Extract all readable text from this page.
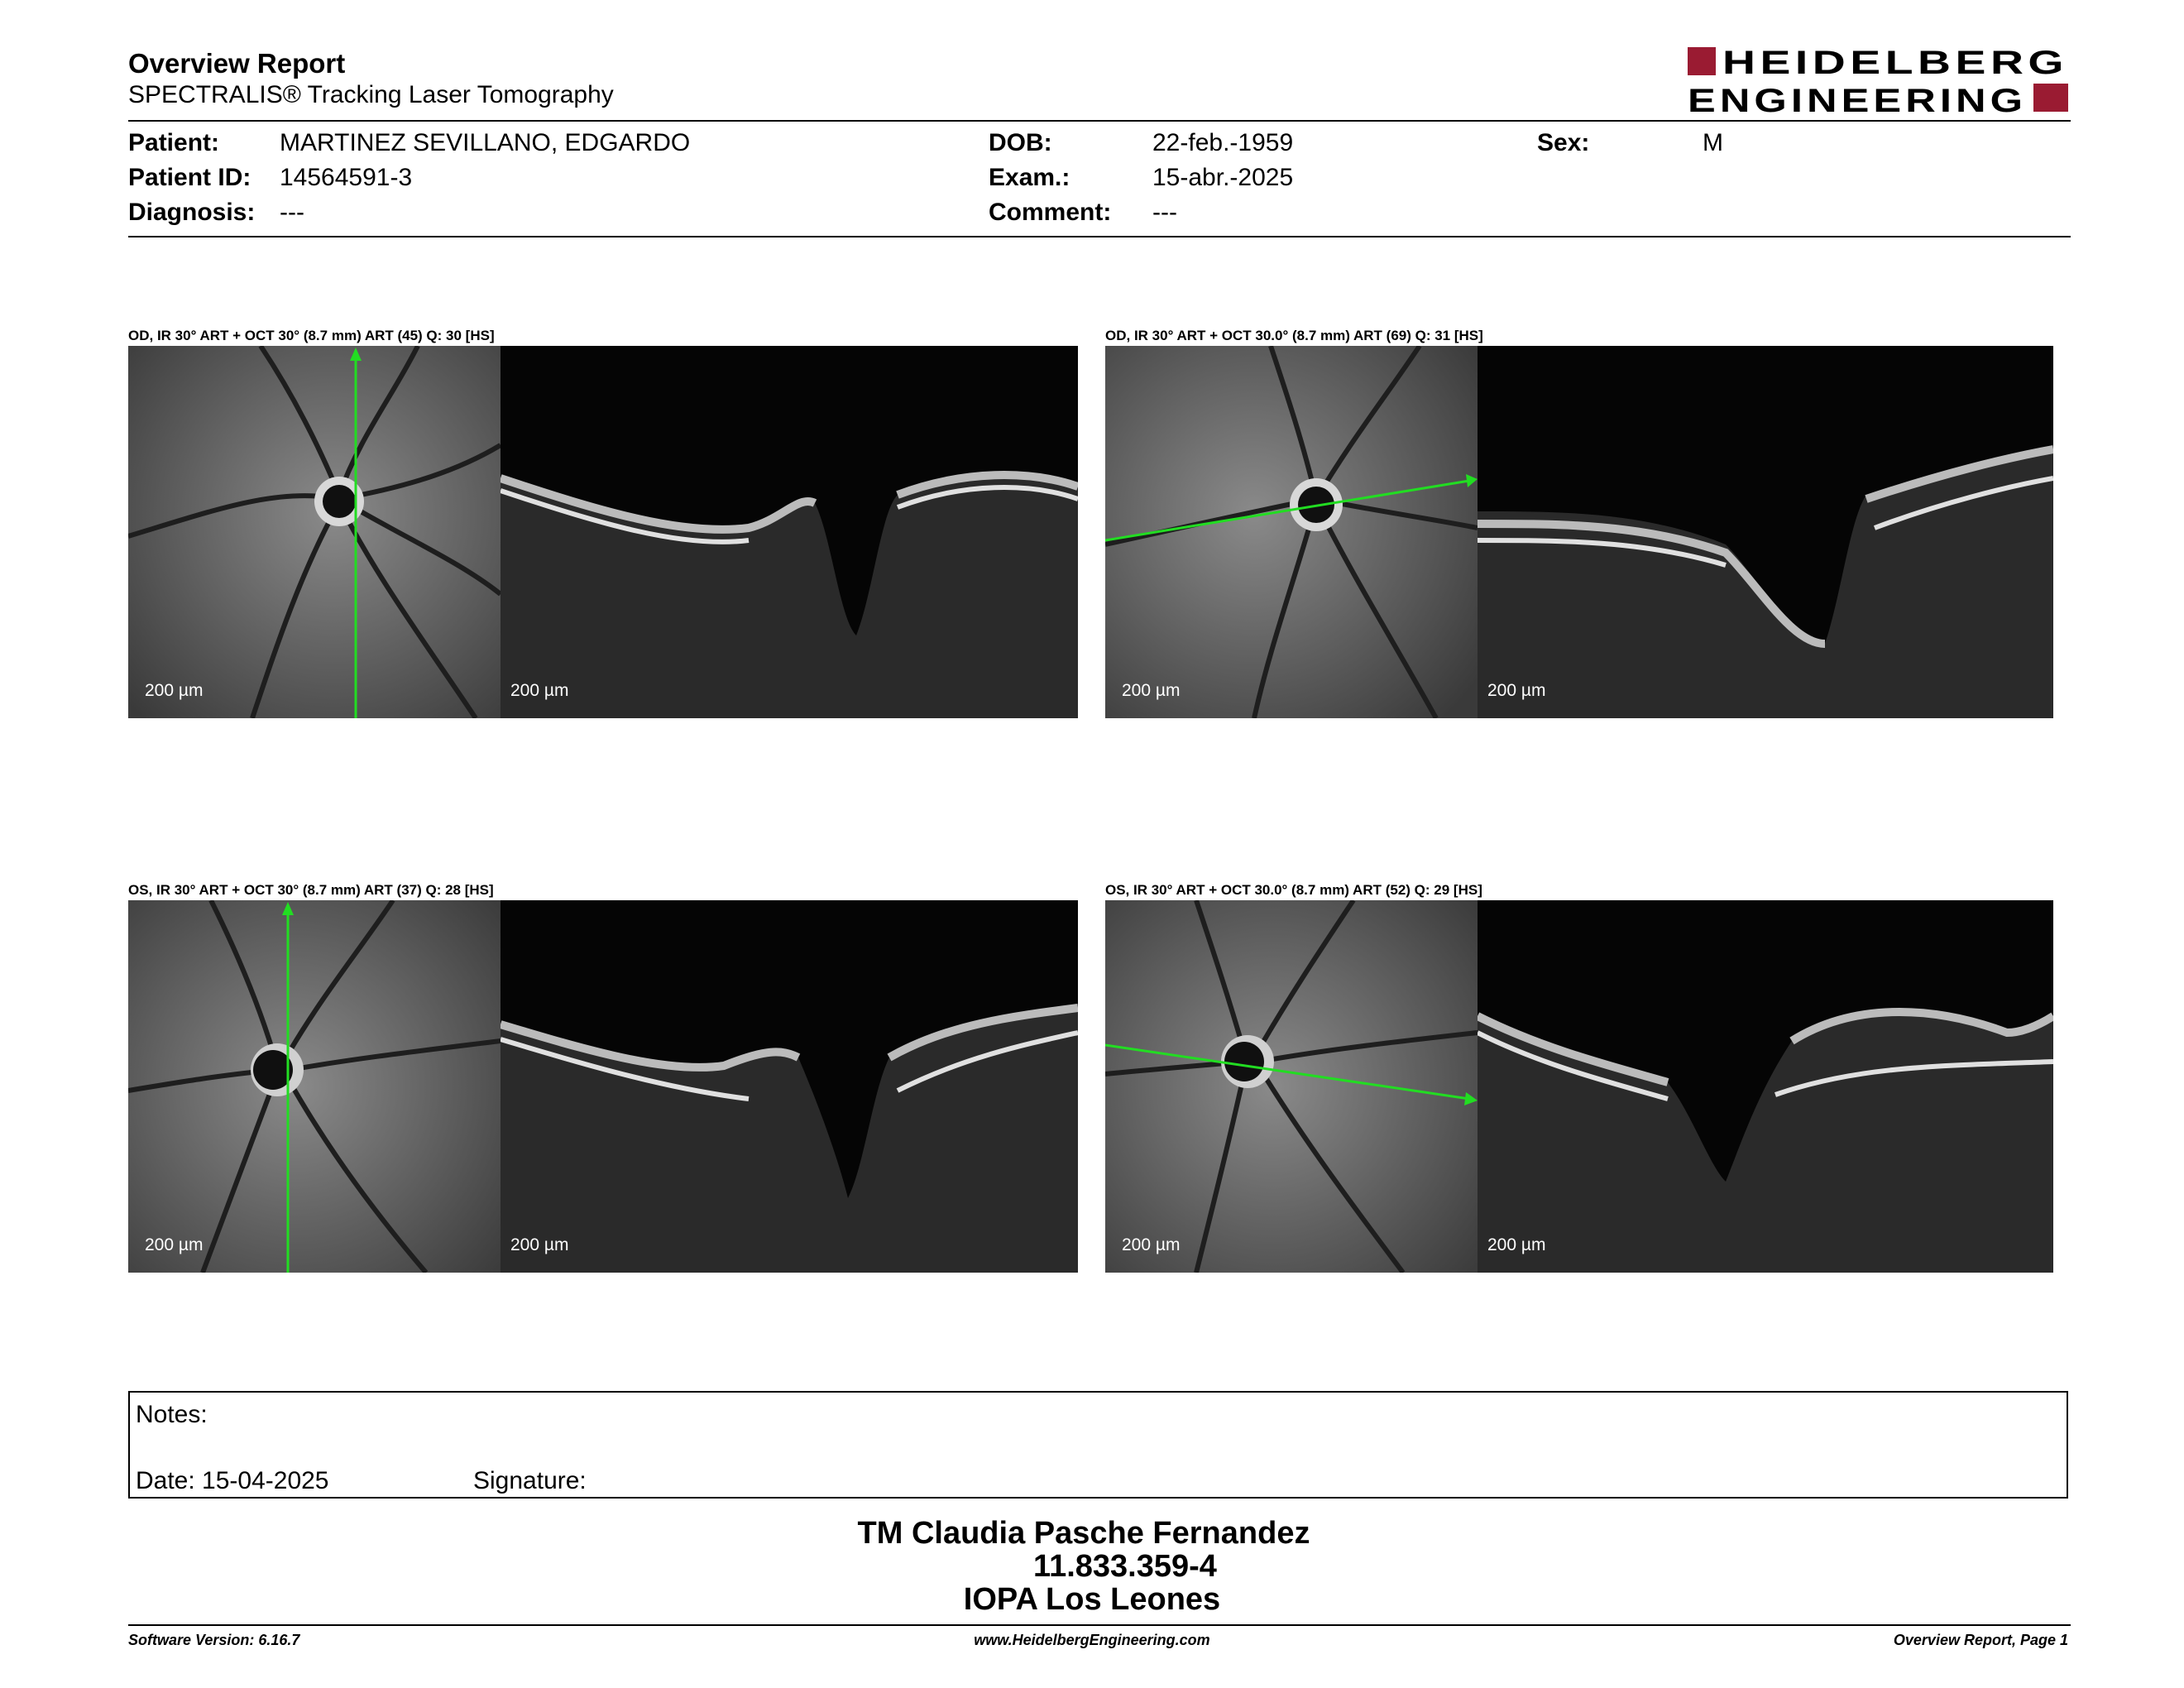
Overview Report
SPECTRALIS® Tracking Laser Tomography
HEIDELBERG
ENGINEERING
Patient: MARTINEZ SEVILLANO, EDGARDO
Patient ID: 14564591-3
Diagnosis: ---
DOB:	22-feb.-1959
Exam.:	15-abr.-2025
Comment: ---
Sex:	M
OD, IR 30° ART + OCT 30° (8.7 mm) ART (45) Q: 30 [HS]
200 µm	200 µm
OD, IR 30° ART + OCT 30.0° (8.7 mm) ART (69) Q: 31 [HS]
200 µm	200 µm
OS, IR 30° ART + OCT 30° (8.7 mm) ART (37) Q: 28 [HS]
200 µm	200 µm
OS, IR 30° ART + OCT 30.0° (8.7 mm) ART (52) Q: 29 [HS]
200 µm	200 µm
Notes:
Date: 15-04-2025	Signature:
TM Claudia Pasche Fernandez
11.833.359-4
IOPA Los Leones
Software Version: 6.16.7	www.HeidelbergEngineering.com	Overview Report, Page 1
